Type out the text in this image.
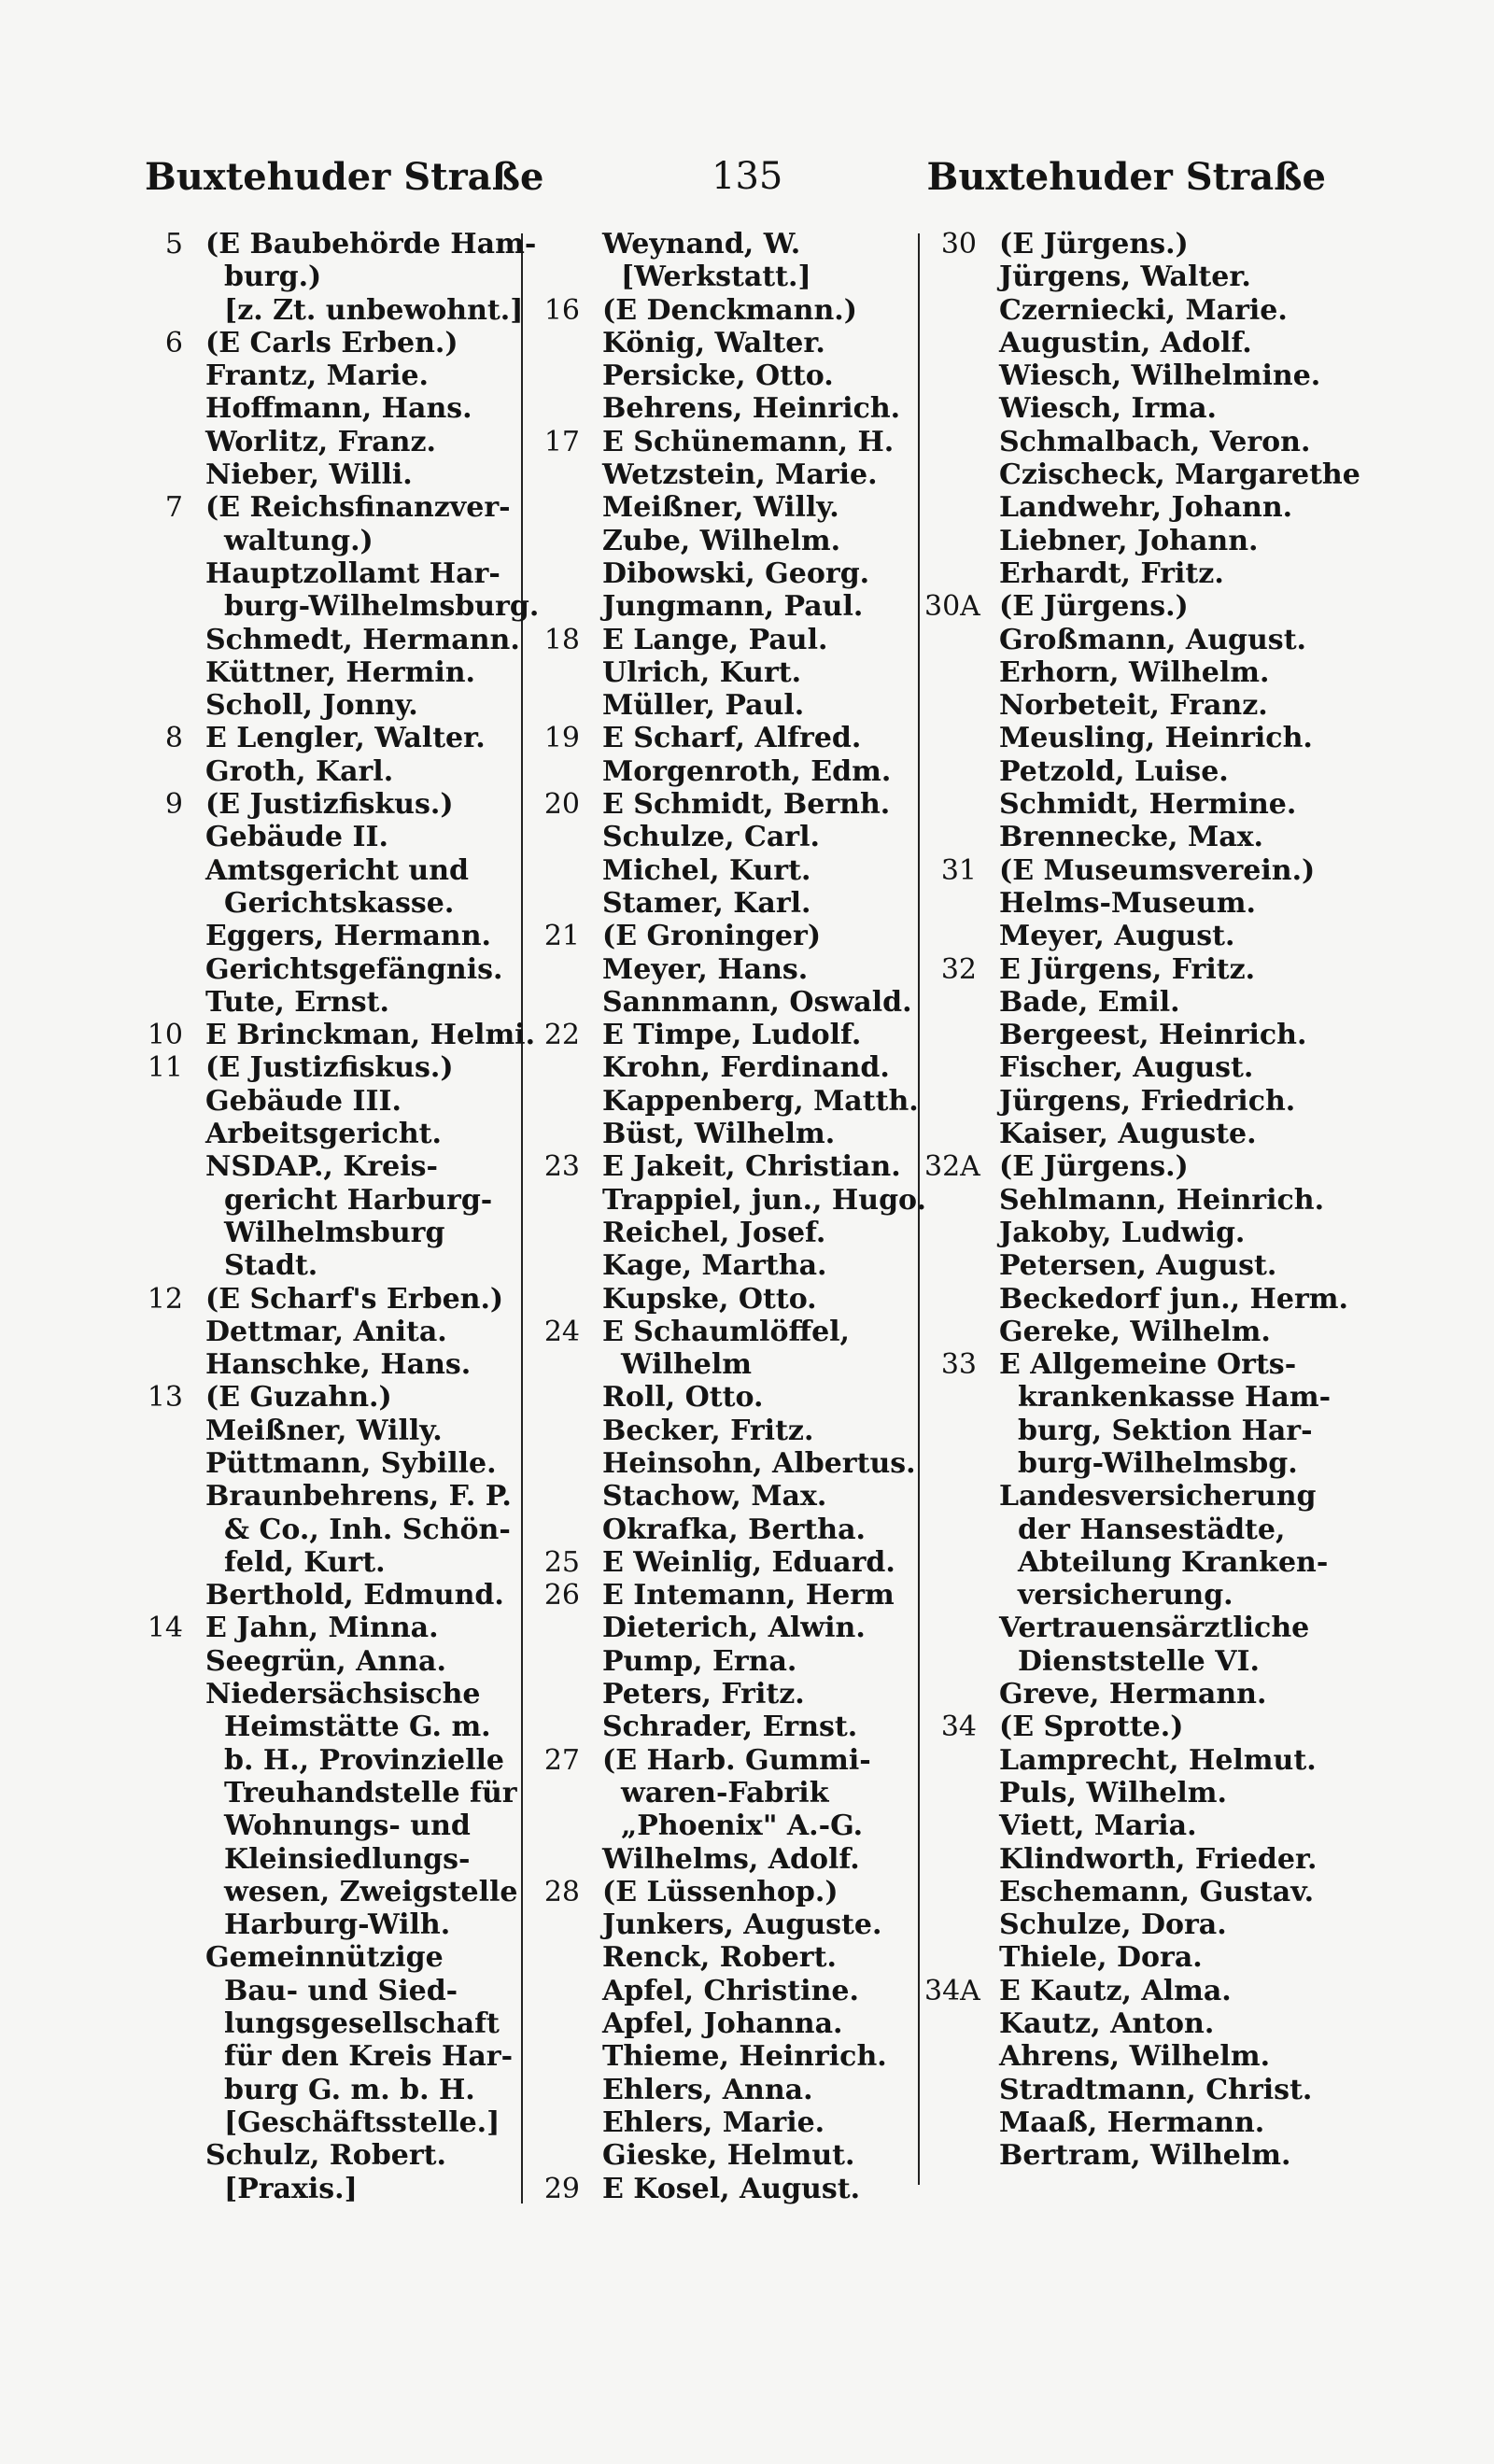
Buxtehuder Straße	135	Buxtehuder Straße
5 (E Baubehörde Ham-
burg.)
[z. Zt. unbewohnt.]
6 (E Carls Erben.)
Frantz, Marie.
Hoffmann, Hans.
Worlitz, Franz.
Nieber, Willi.
7 (E Reichsfinanzver-
waltung.)
Hauptzollamt Har-
burg-Wilhelmsburg.
Schmedt, Hermann.
Küttner, Hermin.
Scholl, Jonny.
8 E Lengler, Walter.
Groth, Karl.
9 (E Justizfiskus.)
Gebäude II.
Amtsgericht und
Gerichtskasse.
Eggers, Hermann.
Gerichtsgefängnis.
Tute, Ernst.
10 E Brinckman, Helmi.
11 (E Justizfiskus.)
Gebäude III.
Arbeitsgericht.
NSDAP., Kreis-
gericht Harburg-
Wilhelmsburg
Stadt.
12 (E Scharf's Erben.)
Dettmar, Anita.
Hanschke, Hans.
13 (E Guzahn.)
Meißner, Willy.
Püttmann, Sybille.
Braunbehrens, F. P.
& Co., Inh. Schön-
feld, Kurt.
Berthold, Edmund.
14 E Jahn, Minna.
Seegrün, Anna.
Niedersächsische
Heimstätte G. m.
b. H., Provinzielle
Treuhandstelle für
Wohnungs- und
Kleinsiedlungs-
wesen, Zweigstelle
Harburg-Wilh.
Gemeinnützige
Bau- und Sied-
lungsgesellschaft
für den Kreis Har-
burg G. m. b. H.
[Geschäftsstelle.]
Schulz, Robert.
[Praxis.]
Weynand, W.
[Werkstatt.]
16 (E Denckmann.)
König, Walter.
Persicke, Otto.
Behrens, Heinrich.
17 E Schünemann, H.
Wetzstein, Marie.
Meißner, Willy.
Zube, Wilhelm.
Dibowski, Georg.
Jungmann, Paul.
18 E Lange, Paul.
Ulrich, Kurt.
Müller, Paul.
19 E Scharf, Alfred.
Morgenroth, Edm.
20 E Schmidt, Bernh.
Schulze, Carl.
Michel, Kurt.
Stamer, Karl.
21 (E Groninger)
Meyer, Hans.
Sannmann, Oswald.
22 E Timpe, Ludolf.
Krohn, Ferdinand.
Kappenberg, Matth.
Büst, Wilhelm.
23 E Jakeit, Christian.
Trappiel, jun., Hugo.
Reichel, Josef.
Kage, Martha.
Kupske, Otto.
24 E Schaumlöffel,
Wilhelm
Roll, Otto.
Becker, Fritz.
Heinsohn, Albertus.
Stachow, Max.
Okrafka, Bertha.
25 E Weinlig, Eduard.
26 E Intemann, Herm
Dieterich, Alwin.
Pump, Erna.
Peters, Fritz.
Schrader, Ernst.
27 (E Harb. Gummi-
waren-Fabrik
„Phoenix" A.-G.
Wilhelms, Adolf.
28 (E Lüssenhop.)
Junkers, Auguste.
Renck, Robert.
Apfel, Christine.
Apfel, Johanna.
Thieme, Heinrich.
Ehlers, Anna.
Ehlers, Marie.
Gieske, Helmut.
29 E Kosel, August.
30 (E Jürgens.)
Jürgens, Walter.
Czerniecki, Marie.
Augustin, Adolf.
Wiesch, Wilhelmine.
Wiesch, Irma.
Schmalbach, Veron.
Czischeck, Margarethe
Landwehr, Johann.
Liebner, Johann.
Erhardt, Fritz.
30A (E Jürgens.)
Großmann, August.
Erhorn, Wilhelm.
Norbeteit, Franz.
Meusling, Heinrich.
Petzold, Luise.
Schmidt, Hermine.
Brennecke, Max.
31 (E Museumsverein.)
Helms-Museum.
Meyer, August.
32 E Jürgens, Fritz.
Bade, Emil.
Bergeest, Heinrich.
Fischer, August.
Jürgens, Friedrich.
Kaiser, Auguste.
32A (E Jürgens.)
Sehlmann, Heinrich.
Jakoby, Ludwig.
Petersen, August.
Beckedorf jun., Herm.
Gereke, Wilhelm.
33 E Allgemeine Orts-
krankenkasse Ham-
burg, Sektion Har-
burg-Wilhelmsbg.
Landesversicherung
der Hansestädte,
Abteilung Kranken-
versicherung.
Vertrauensärztliche
Dienststelle VI.
Greve, Hermann.
34 (E Sprotte.)
Lamprecht, Helmut.
Puls, Wilhelm.
Viett, Maria.
Klindworth, Frieder.
Eschemann, Gustav.
Schulze, Dora.
Thiele, Dora.
34A E Kautz, Alma.
Kautz, Anton.
Ahrens, Wilhelm.
Stradtmann, Christ.
Maaß, Hermann.
Bertram, Wilhelm.
